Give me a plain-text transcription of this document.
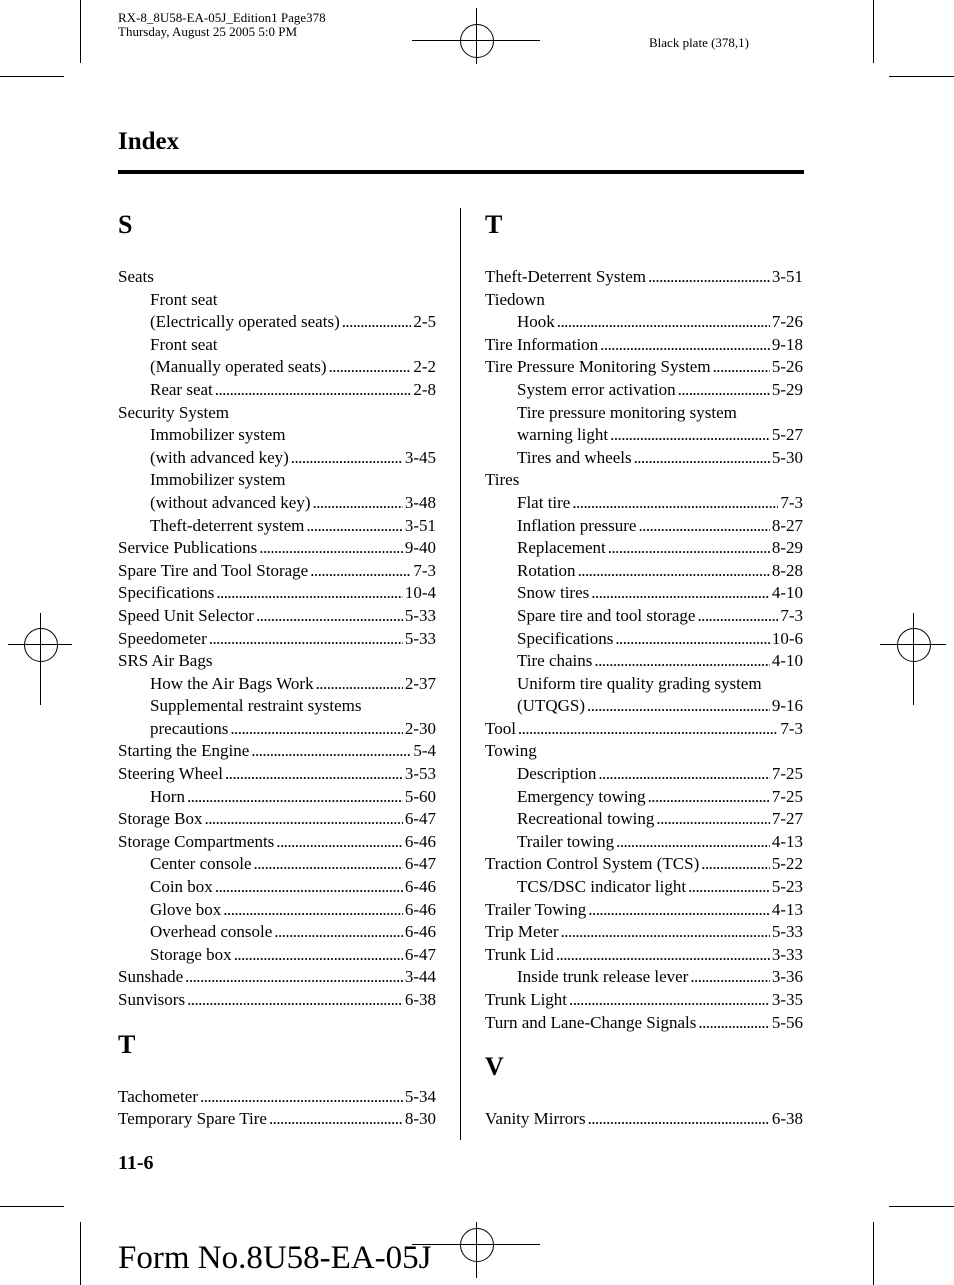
RX-8_8U58-EA-05J_Edition1 Page378
Thursday, August 25 2005 5:0 PM
Black plate (378,1)
Index
S
Seats
Front seat
(Electrically operated seats) . . .	2-5
Front seat
(Manually operated seats) . . .	2-2
Rear seat . . .	2-8
Security System
Immobilizer system
(with advanced key) . . .	3-45
Immobilizer system
(without advanced key) . . .	3-48
Theft-deterrent system . . .	3-51
Service Publications . . .	9-40
Spare Tire and Tool Storage . . .	7-3
Specifications . . .	10-4
Speed Unit Selector . . .	5-33
Speedometer . . .	5-33
SRS Air Bags
How the Air Bags Work . . .	2-37
Supplemental restraint systems
precautions . . .	2-30
Starting the Engine . . .	5-4
Steering Wheel . . .	3-53
Horn . . .	5-60
Storage Box . . .	6-47
Storage Compartments . . .	6-46
Center console . . .	6-47
Coin box . . .	6-46
Glove box . . .	6-46
Overhead console . . .	6-46
Storage box . . .	6-47
Sunshade . . .	3-44
Sunvisors . . .	6-38
T
Tachometer . . .	5-34
Temporary Spare Tire . . .	8-30
T
Theft-Deterrent System . . .	3-51
Tiedown
Hook . . .	7-26
Tire Information . . .	9-18
Tire Pressure Monitoring System . . .	5-26
System error activation . . .	5-29
Tire pressure monitoring system
warning light . . .	5-27
Tires and wheels . . .	5-30
Tires
Flat tire . . .	7-3
Inflation pressure . . .	8-27
Replacement . . .	8-29
Rotation . . .	8-28
Snow tires . . .	4-10
Spare tire and tool storage . . .	7-3
Specifications . . .	10-6
Tire chains . . .	4-10
Uniform tire quality grading system
(UTQGS) . . .	9-16
Tool . . .	7-3
Towing
Description . . .	7-25
Emergency towing . . .	7-25
Recreational towing . . .	7-27
Trailer towing . . .	4-13
Traction Control System (TCS) . . .	5-22
TCS/DSC indicator light . . .	5-23
Trailer Towing . . .	4-13
Trip Meter . . .	5-33
Trunk Lid . . .	3-33
Inside trunk release lever . . .	3-36
Trunk Light . . .	3-35
Turn and Lane-Change Signals . . .	5-56
V
Vanity Mirrors . . .	6-38
11-6
Form No.8U58-EA-05J
